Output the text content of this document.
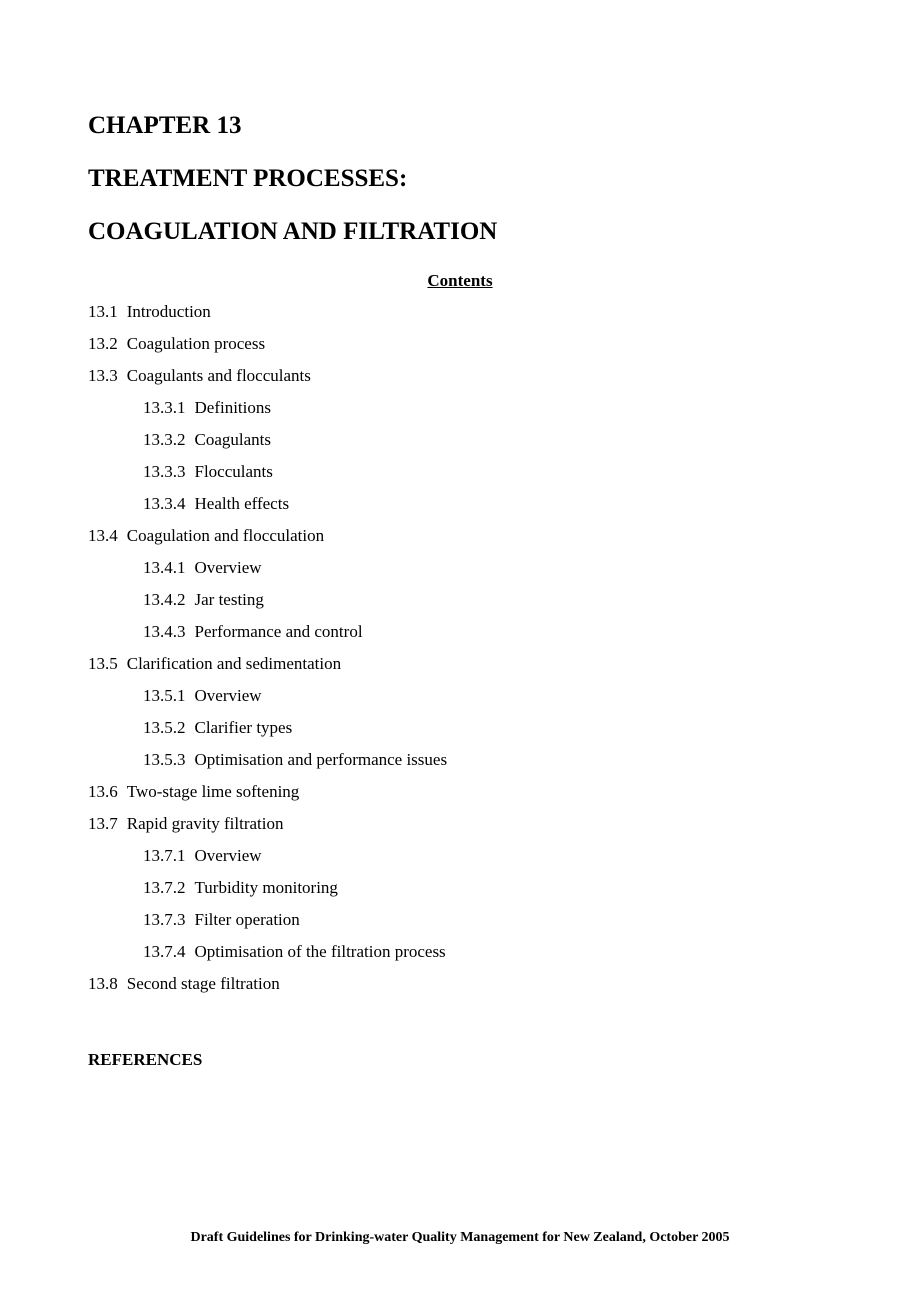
CHAPTER 13
TREATMENT PROCESSES:
COAGULATION AND FILTRATION
Contents
13.1 Introduction
13.2 Coagulation process
13.3 Coagulants and flocculants
13.3.1 Definitions
13.3.2 Coagulants
13.3.3 Flocculants
13.3.4 Health effects
13.4 Coagulation and flocculation
13.4.1 Overview
13.4.2 Jar testing
13.4.3 Performance and control
13.5 Clarification and sedimentation
13.5.1 Overview
13.5.2 Clarifier types
13.5.3 Optimisation and performance issues
13.6 Two-stage lime softening
13.7 Rapid gravity filtration
13.7.1 Overview
13.7.2 Turbidity monitoring
13.7.3 Filter operation
13.7.4 Optimisation of the filtration process
13.8 Second stage filtration
REFERENCES
Draft Guidelines for Drinking-water Quality Management for New Zealand, October 2005
